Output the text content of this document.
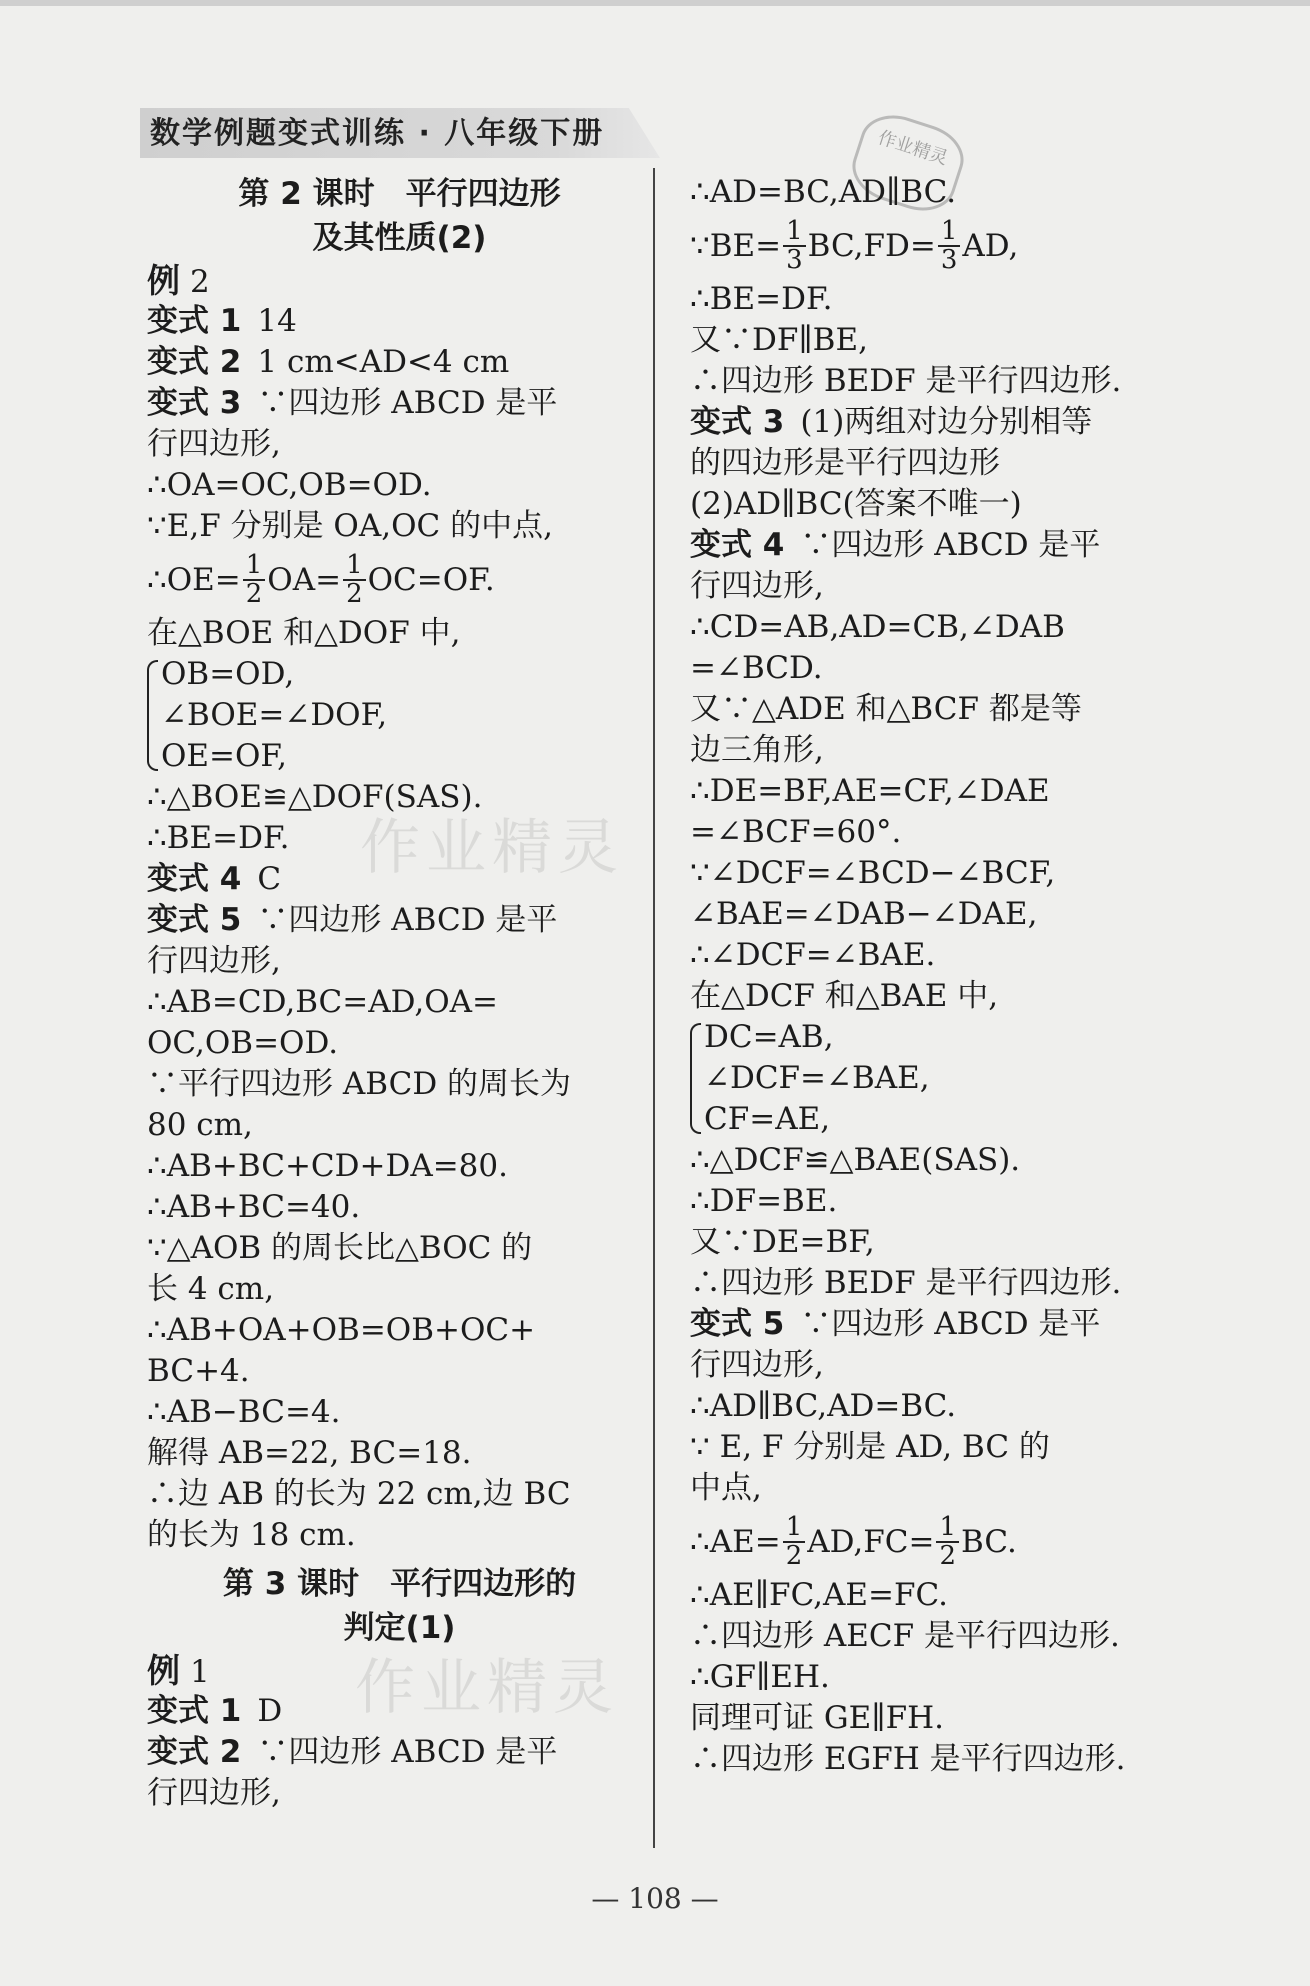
数学例题变式训练 · 八年级下册	作业精灵
作业精灵
作业精灵
第 2 课时　平行四边形
及其性质(2)
例 2
变式 1 14
变式 2 1 cm<AD<4 cm
变式 3 ∵四边形 ABCD 是平
行四边形,
∴OA=OC,OB=OD.
∵E,F 分别是 OA,OC 的中点,
∴OE= $\frac{1}{2} OA= \frac{1}{2} OC=OF$.
在△BOE 和△DOF 中,
OB=OD,
∠BOE=∠DOF,
OE=OF,
∴△BOE≌△DOF(SAS).
∴BE=DF.
变式 4 C
变式 5 ∵四边形 ABCD 是平
行四边形,
∴AB=CD,BC=AD,OA=
OC,OB=OD.
∵平行四边形 ABCD 的周长为
80 cm,
∴AB+BC+CD+DA=80.
∴AB+BC=40.
∵△AOB 的周长比△BOC 的
长 4 cm,
∴AB+OA+OB=OB+OC+
BC+4.
∴AB−BC=4.
解得 AB=22, BC=18.
∴边 AB 的长为 22 cm,边 BC
的长为 18 cm.
第 3 课时　平行四边形的
判定(1)
例 1
变式 1 D
变式 2 ∵四边形 ABCD 是平
行四边形,
∴AD=BC,AD∥BC.
∵BE= $\frac{1}{3} BC,FD= \frac{1}{3}$ AD,
∴BE=DF.
又∵DF∥BE,
∴四边形 BEDF 是平行四边形.
变式 3 (1)两组对边分别相等
的四边形是平行四边形
(2)AD∥BC(答案不唯一)
变式 4 ∵四边形 ABCD 是平
行四边形,
∴CD=AB,AD=CB,∠DAB
=∠BCD.
又∵△ADE 和△BCF 都是等
边三角形,
∴DE=BF,AE=CF,∠DAE
=∠BCF=60°.
∵∠DCF=∠BCD−∠BCF,
∠BAE=∠DAB−∠DAE,
∴∠DCF=∠BAE.
在△DCF 和△BAE 中,
DC=AB,
∠DCF=∠BAE,
CF=AE,
∴△DCF≌△BAE(SAS).
∴DF=BE.
又∵DE=BF,
∴四边形 BEDF 是平行四边形.
变式 5 ∵四边形 ABCD 是平
行四边形,
∴AD∥BC,AD=BC.
∵ E, F 分别是 AD, BC 的
中点,
∴AE= $\frac{1}{2} AD,FC= \frac{1}{2}$ BC.
∴AE∥FC,AE=FC.
∴四边形 AECF 是平行四边形.
∴GF∥EH.
同理可证 GE∥FH.
∴四边形 EGFH 是平行四边形.
— 108 —
